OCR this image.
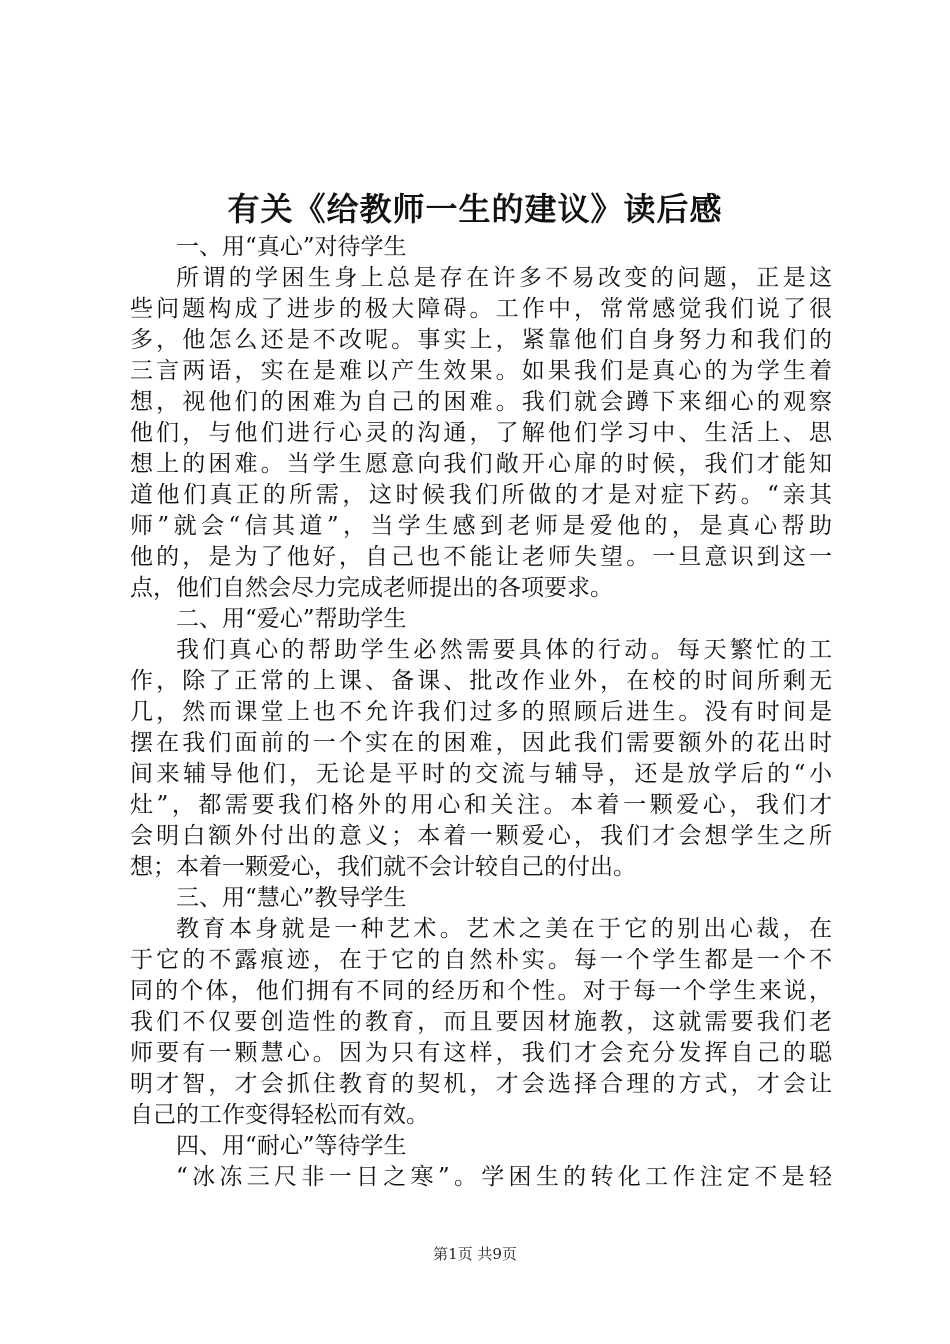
有关《给教师一生的建议》读后感
一、用“真心”对待学生
所谓的学困生身上总是存在许多不易改变的问题，正是这
些问题构成了进步的极大障碍。工作中，常常感觉我们说了很
多，他怎么还是不改呢。事实上，紧靠他们自身努力和我们的
三言两语，实在是难以产生效果。如果我们是真心的为学生着
想，视他们的困难为自己的困难。我们就会蹲下来细心的观察
他们，与他们进行心灵的沟通，了解他们学习中、生活上、思
想上的困难。当学生愿意向我们敞开心扉的时候，我们才能知
道他们真正的所需，这时候我们所做的才是对症下药。“亲其
师”就会“信其道”，当学生感到老师是爱他的，是真心帮助
他的，是为了他好，自己也不能让老师失望。一旦意识到这一
点，他们自然会尽力完成老师提出的各项要求。
二、用“爱心”帮助学生
我们真心的帮助学生必然需要具体的行动。每天繁忙的工
作，除了正常的上课、备课、批改作业外，在校的时间所剩无
几，然而课堂上也不允许我们过多的照顾后进生。没有时间是
摆在我们面前的一个实在的困难，因此我们需要额外的花出时
间来辅导他们，无论是平时的交流与辅导，还是放学后的“小
灶”，都需要我们格外的用心和关注。本着一颗爱心，我们才
会明白额外付出的意义；本着一颗爱心，我们才会想学生之所
想；本着一颗爱心，我们就不会计较自己的付出。
三、用“慧心”教导学生
教育本身就是一种艺术。艺术之美在于它的别出心裁，在
于它的不露痕迹，在于它的自然朴实。每一个学生都是一个不
同的个体，他们拥有不同的经历和个性。对于每一个学生来说，
我们不仅要创造性的教育，而且要因材施教，这就需要我们老
师要有一颗慧心。因为只有这样，我们才会充分发挥自己的聪
明才智，才会抓住教育的契机，才会选择合理的方式，才会让
自己的工作变得轻松而有效。
四、用“耐心”等待学生
“冰冻三尺非一日之寒”。学困生的转化工作注定不是轻
第1页 共9页
